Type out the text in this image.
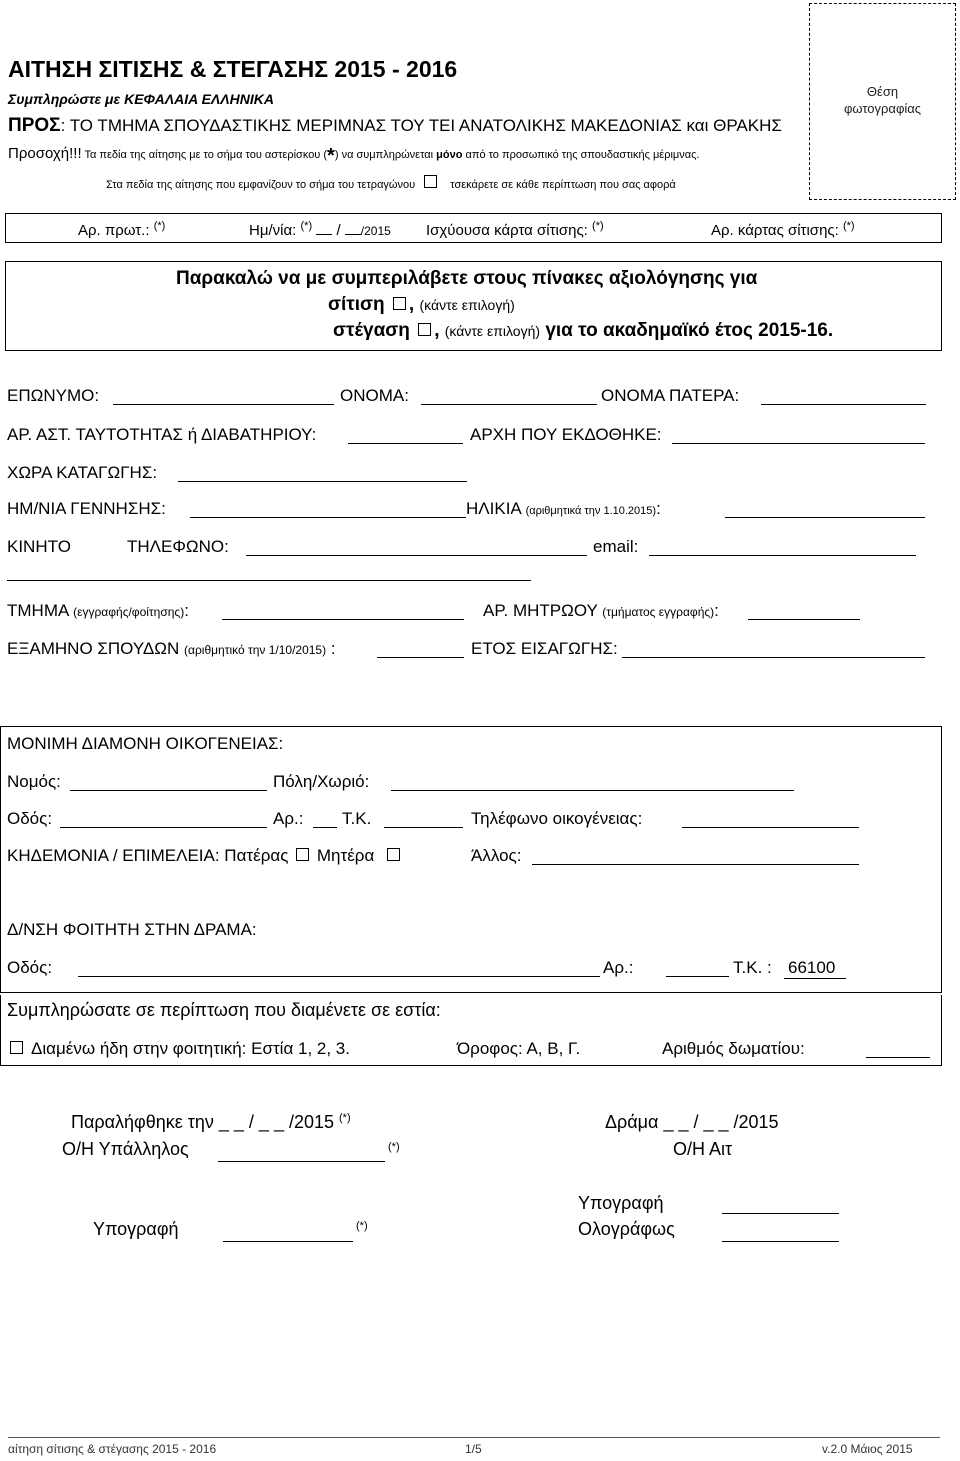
ΑΙΤΗΣΗ ΣΙΤΙΣΗΣ & ΣΤΕΓΑΣΗΣ 2015 - 2016
Συμπληρώστε με ΚΕΦΑΛΑΙΑ ΕΛΛΗΝΙΚΑ
ΠΡΟΣ: ΤΟ ΤΜΗΜΑ ΣΠΟΥΔΑΣΤΙΚΗΣ ΜΕΡΙΜΝΑΣ ΤΟΥ ΤΕΙ ΑΝΑΤΟΛΙΚΗΣ ΜΑΚΕΔΟΝΙΑΣ και ΘΡΑΚΗΣ
Προσοχή!!! Τα πεδία της αίτησης με το σήμα του αστερίσκου (*) να συμπληρώνεται μόνο από το προσωπικό της σπουδαστικής μέριμνας.
Στα πεδία της αίτησης που εμφανίζουν το σήμα του τετραγώνου	τσεκάρετε σε κάθε περίπτωση που σας αφορά
Θέση
φωτογραφίας
Αρ. πρωτ.: (*)	Ημ/νία: (*)  / /2015 Ισχύουσα κάρτα σίτισης: (*)	Αρ. κάρτας σίτισης: (*)
Παρακαλώ να με συμπεριλάβετε στους πίνακες αξιολόγησης για
σίτιση , (κάντε επιλογή)
στέγαση , (κάντε επιλογή) για το ακαδημαϊκό έτος 2015-16.
ΕΠΩΝΥΜΟ:	ΟΝΟΜΑ:	ΟΝΟΜΑ ΠΑΤΕΡΑ:
ΑΡ. ΑΣΤ. ΤΑΥΤΟΤΗΤΑΣ ή ΔΙΑΒΑΤΗΡΙΟΥ:	ΑΡΧΗ ΠΟΥ ΕΚΔΟΘΗΚΕ:
ΧΩΡΑ ΚΑΤΑΓΩΓΗΣ:
ΗΜ/ΝΙΑ ΓΕΝΝΗΣΗΣ:	ΗΛΙΚΙΑ (αριθμητικά την 1.10.2015):
ΚΙΝΗΤΟ	ΤΗΛΕΦΩΝΟ:	email:
ΤΜΗΜΑ (εγγραφής/φοίτησης):	ΑΡ. ΜΗΤΡΩΟΥ (τμήματος εγγραφής):
ΕΞΑΜΗΝΟ ΣΠΟΥΔΩΝ (αριθμητικό την 1/10/2015) :	ΕΤΟΣ ΕΙΣΑΓΩΓΗΣ:
ΜΟΝΙΜΗ ΔΙΑΜΟΝΗ ΟΙΚΟΓΕΝΕΙΑΣ:
Νομός:	Πόλη/Χωριό:
Οδός:	Αρ.: Τ.Κ.	Τηλέφωνο οικογένειας:
ΚΗΔΕΜΟΝΙΑ / ΕΠΙΜΕΛΕΙΑ: Πατέρας Μητέρα	Άλλος:
Δ/ΝΣΗ ΦΟΙΤΗΤΗ ΣΤΗΝ ΔΡΑΜΑ:
Οδός:	Αρ.:	Τ.Κ. : 66100
Συμπληρώσατε σε περίπτωση που διαμένετε σε εστία:
Διαμένω ήδη στην φοιτητική: Εστία 1, 2, 3.	Όροφος: Α, Β, Γ.	Αριθμός δωματίου:
Παραλήφθηκε την _ _ / _ _ /2015 (*)
Ο/Η Υπάλληλος	(*)
Δράμα _ _ / _ _ /2015
Ο/Η Αιτ
Υπογραφή	(*)
Υπογραφή
Ολογράφως
αίτηση σίτισης & στέγασης 2015 - 2016	1/5	v.2.0 Μάιος 2015
